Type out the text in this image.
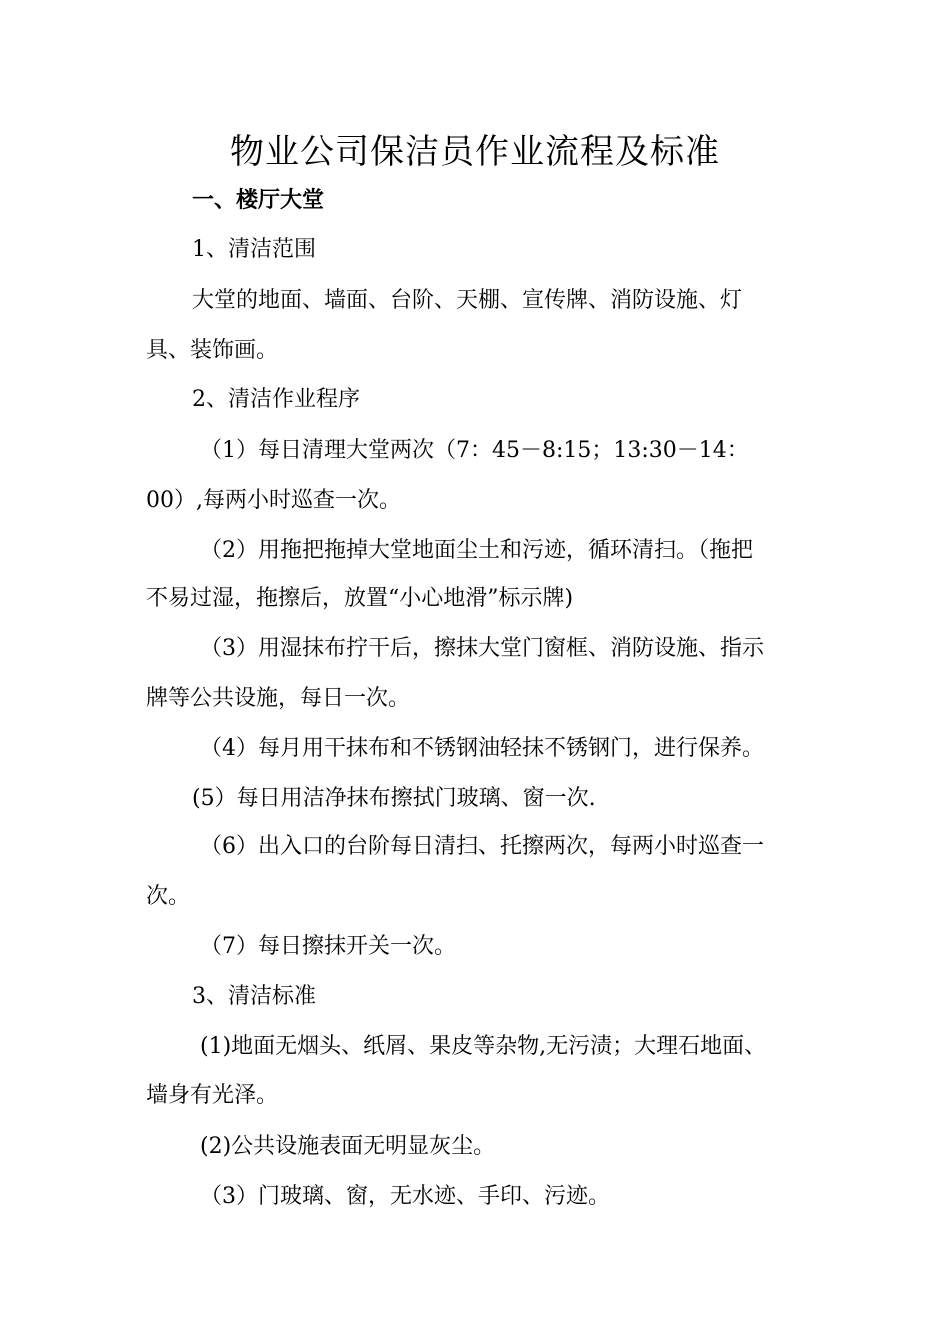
物业公司保洁员作业流程及标准
一、楼厅大堂
1、清洁范围
大堂的地面、墙面、台阶、天棚、宣传牌、消防设施、灯
具、装饰画。
2、清洁作业程序
（1）每日清理大堂两次（7：45－8:15；13:30－14：
00）,每两小时巡查一次。
（2）用拖把拖掉大堂地面尘土和污迹，循环清扫。（拖把
不易过湿，拖擦后，放置“小心地滑”标示牌)
（3）用湿抹布拧干后，擦抹大堂门窗框、消防设施、指示
牌等公共设施，每日一次。
（4）每月用干抹布和不锈钢油轻抹不锈钢门，进行保养。
(5）每日用洁净抹布擦拭门玻璃、窗一次.
（6）出入口的台阶每日清扫、托擦两次，每两小时巡查一
次。
（7）每日擦抹开关一次。
3、清洁标准
(1)地面无烟头、纸屑、果皮等杂物,无污渍；大理石地面、
墙身有光泽。
(2)公共设施表面无明显灰尘。
（3）门玻璃、窗，无水迹、手印、污迹。
